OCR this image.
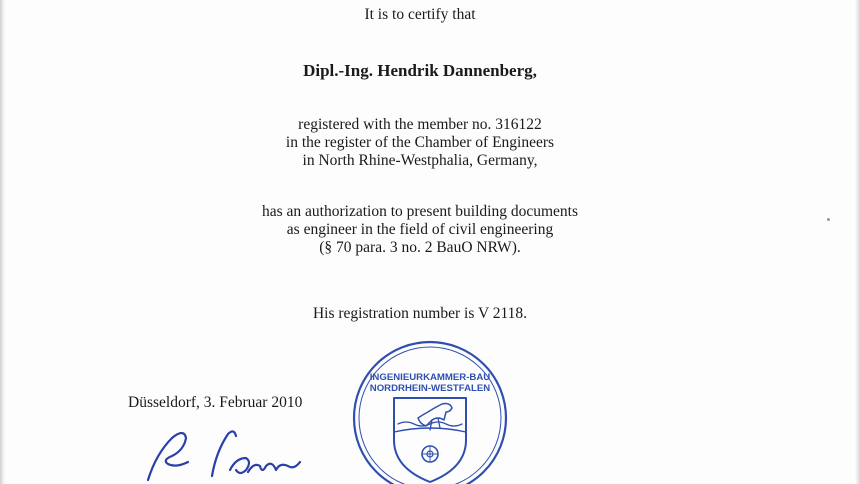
It is to certify that
Dipl.-Ing. Hendrik Dannenberg,
registered with the member no. 316122
in the register of the Chamber of Engineers
in North Rhine-Westphalia, Germany,
has an authorization to present building documents
as engineer in the field of civil engineering
(§ 70 para. 3 no. 2 BauO NRW).
His registration number is V 2118.
Düsseldorf, 3. Februar 2010
INGENIEURKAMMER-BAU
NORDRHEIN-WESTFALEN
